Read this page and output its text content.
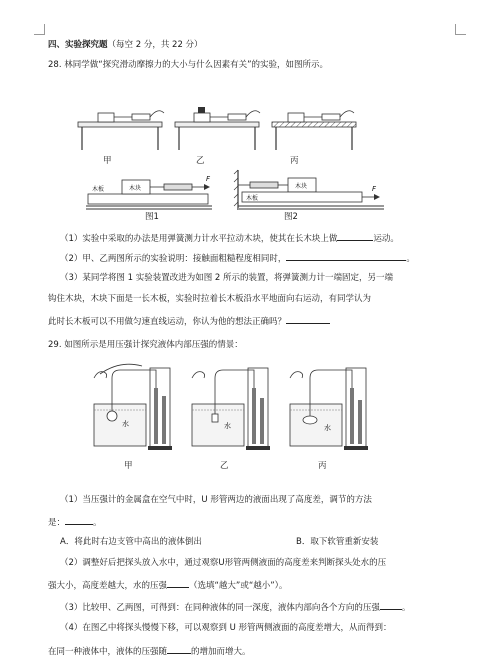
四、实验探究题（每空 2 分，共 22 分）
28. 林同学做“探究滑动摩擦力的大小与什么因素有关”的实验，如图所示。
甲	乙	丙
木板	木块
F
木块
木板
F
图1	图2
（1）实验中采取的办法是用弹簧测力计水平拉动木块，使其在长木块上做	运动。
（2）甲、乙两图所示的实验说明：接触面粗糙程度相同时，	。
（3）某同学将图 1 实验装置改进为如图 2 所示的装置，将弹簧测力计一端固定，另一端
钩住木块，木块下面是一长木板，实验时拉着长木板沿水平地面向右运动，有同学认为
此时长木板可以不用做匀速直线运动，你认为他的想法正确吗？
29. 如图所示是用压强计探究液体内部压强的情景：
水	水	水
甲	乙	丙
（1）当压强计的金属盒在空气中时，U 形管两边的液面出现了高度差，调节的方法
是：	。
A．将此时右边支管中高出的液体倒出	B．取下软管重新安装
（2）调整好后把探头放入水中，通过观察U形管两侧液面的高度差来判断探头处水的压
强大小，高度差越大，水的压强	（选填“越大”或“越小”）。
（3）比较甲、乙两图，可得到：在同种液体的同一深度，液体内部向各个方向的压强	。
（4）在图乙中将探头慢慢下移，可以观察到 U 形管两侧液面的高度差增大，从而得到：
在同一种液体中，液体的压强随	的增加而增大。
